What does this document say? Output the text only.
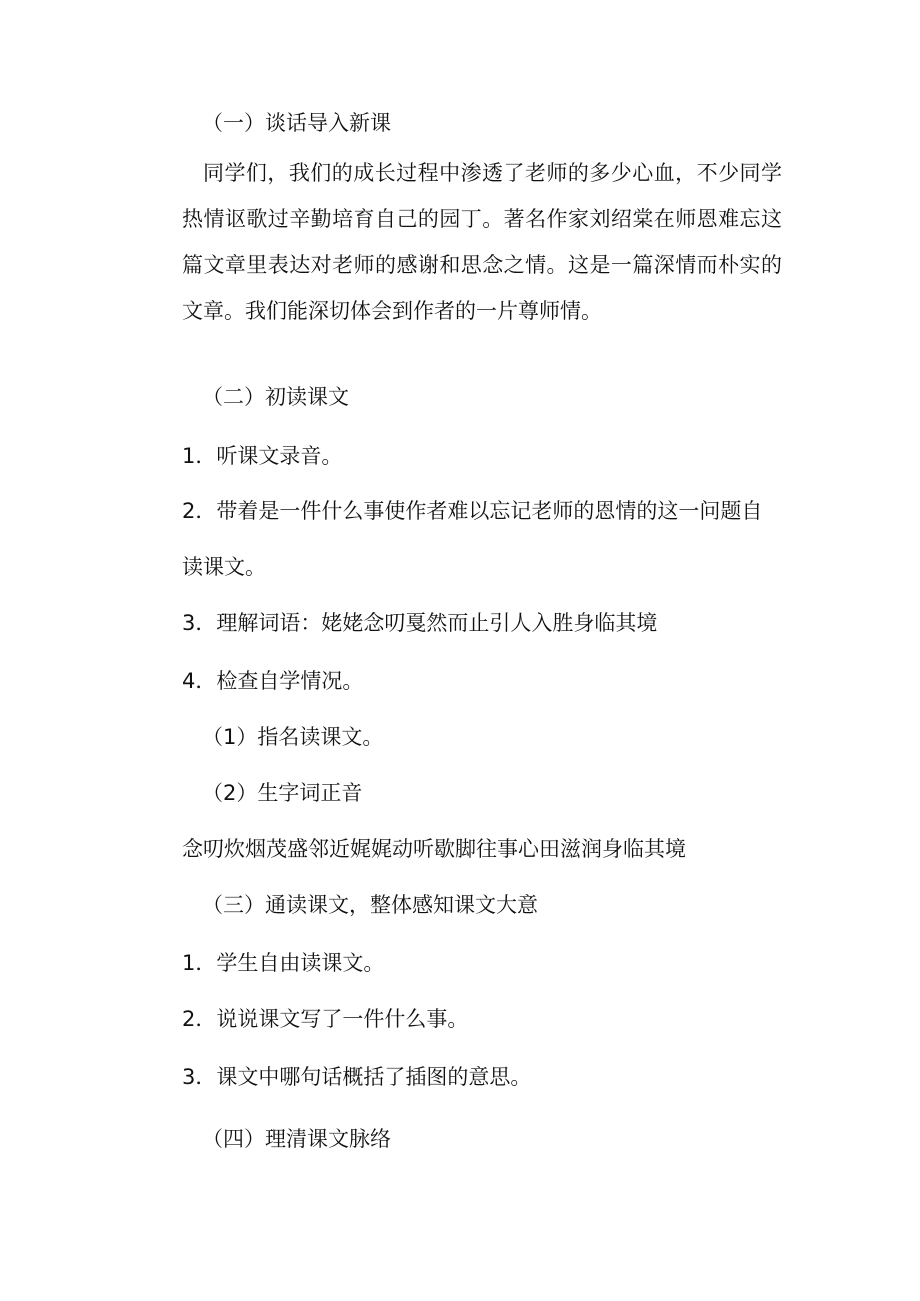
（一）谈话导入新课

同学们，我们的成长过程中渗透了老师的多少心血，不少同学热情讴歌过辛勤培育自己的园丁。著名作家刘绍棠在师恩难忘这篇文章里表达对老师的感谢和思念之情。这是一篇深情而朴实的文章。我们能深切体会到作者的一片尊师情。

（二）初读课文
1．听课文录音。
2．带着是一件什么事使作者难以忘记老师的恩情的这一问题自
读课文。
3．理解词语：姥姥念叨戛然而止引人入胜身临其境
4．检查自学情况。
（1）指名读课文。
（2）生字词正音
念叨炊烟茂盛邻近娓娓动听歇脚往事心田滋润身临其境
（三）通读课文，整体感知课文大意
1．学生自由读课文。
2．说说课文写了一件什么事。
3．课文中哪句话概括了插图的意思。
（四）理清课文脉络
